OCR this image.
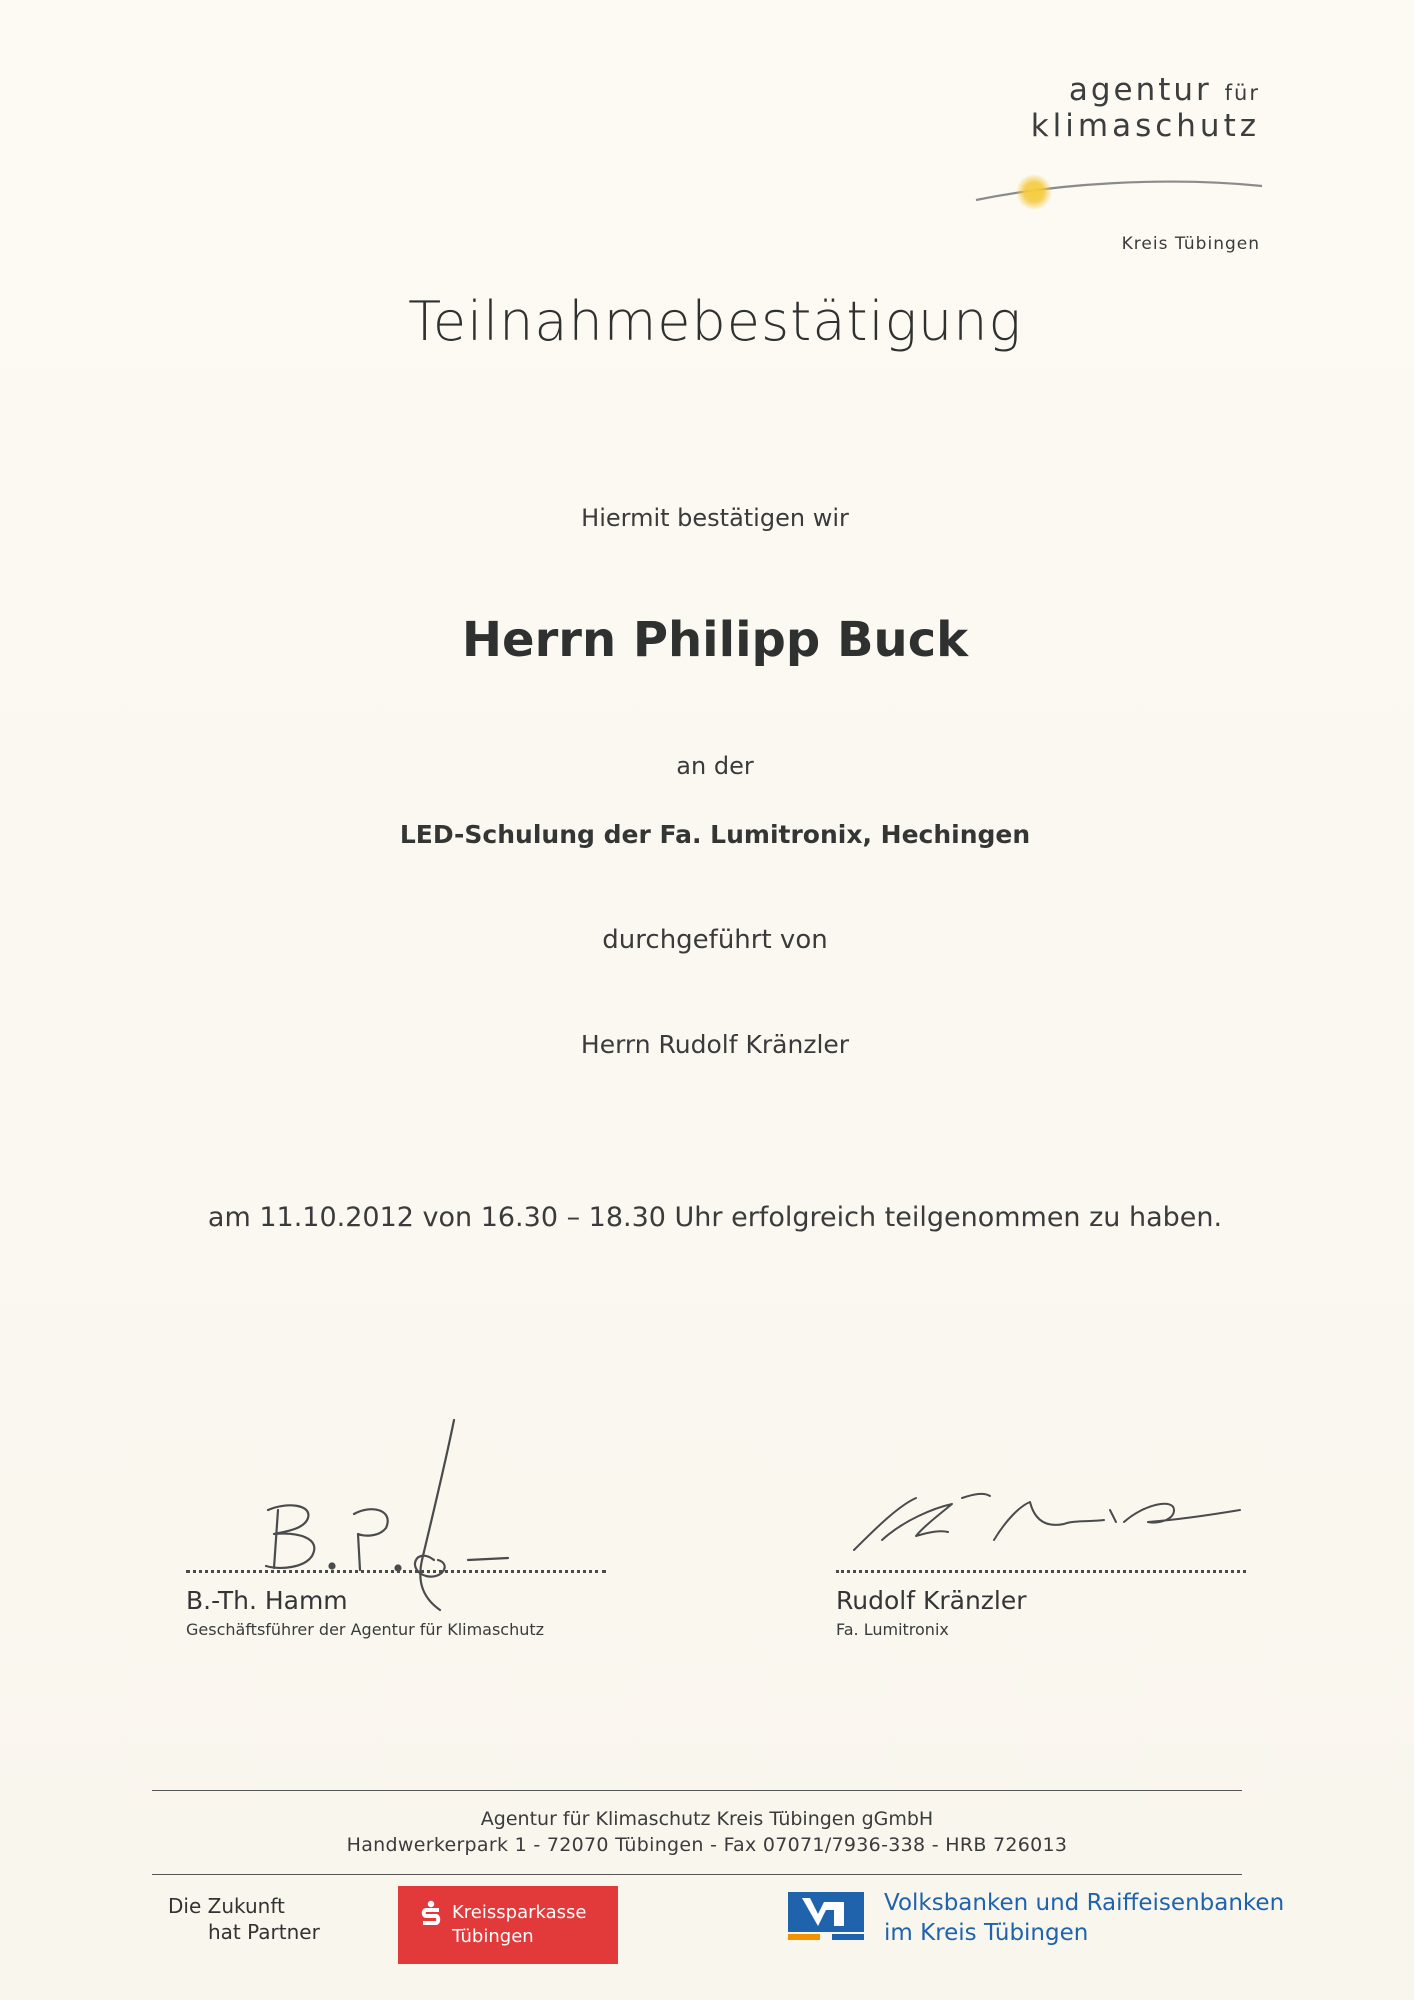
agentur für
klimaschutz
Kreis Tübingen
Teilnahmebestätigung
Hiermit bestätigen wir
Herrn Philipp Buck
an der
LED-Schulung der Fa. Lumitronix, Hechingen
durchgeführt von
Herrn Rudolf Kränzler
am 11.10.2012 von 16.30 – 18.30 Uhr erfolgreich teilgenommen zu haben.
B.-Th. Hamm
Geschäftsführer der Agentur für Klimaschutz
Rudolf Kränzler
Fa. Lumitronix
Agentur für Klimaschutz Kreis Tübingen gGmbH
Handwerkerpark 1 - 72070 Tübingen - Fax 07071/7936-338 - HRB 726013
Die Zukunft
hat Partner
Kreissparkasse
Tübingen
Volksbanken und Raiffeisenbanken
im Kreis Tübingen
